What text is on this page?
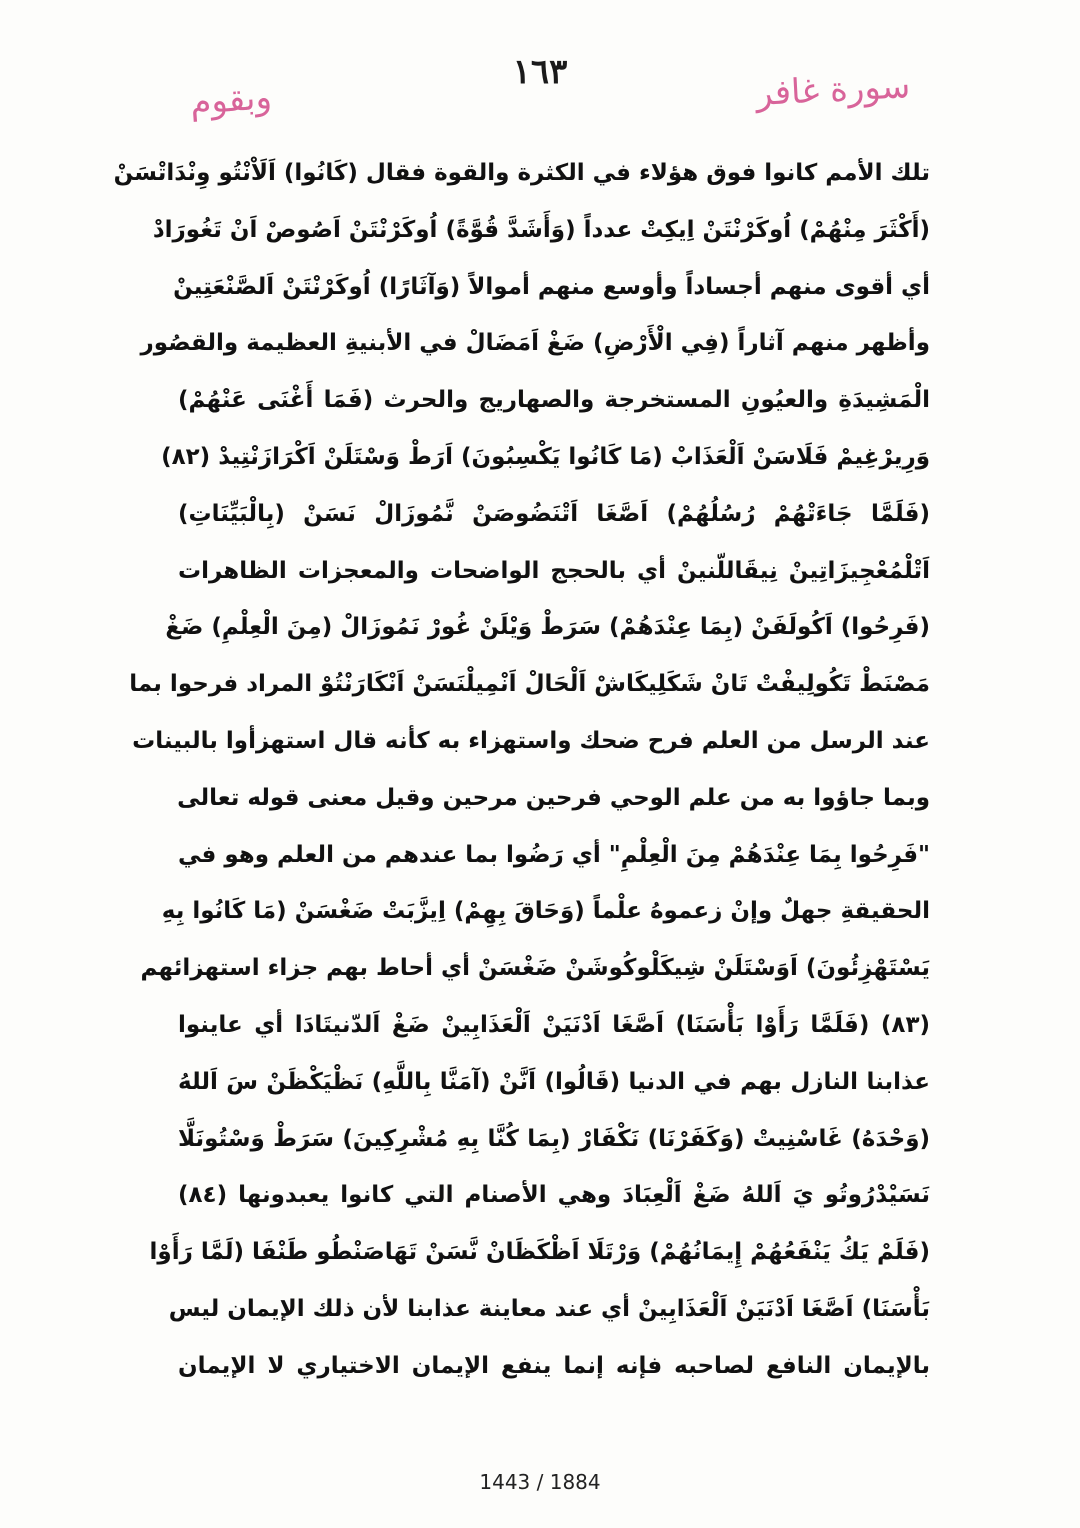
١٦٣	سورة غافر
وبقوم
تلك الأمم كانوا فوق هؤلاء في الكثرة والقوة فقال (كَانُوا) اَلَاْنْتُو وِنْدَاتْسَنْ
(أَكْثَرَ مِنْهُمْ) اُوكَرْنْتَنْ اِيكِتْ عدداً (وَأَشَدَّ قُوَّةً) اُوكَرْنْتَنْ اَصُوصْ اَنْ تَغُورَادْ
أي أقوى منهم أجساداً وأوسع منهم أموالاً (وَآثَارًا) اُوكَرْنْتَنْ اَلصَّنْعَتِينْ
وأظهر منهم آثاراً (فِي الْأَرْضِ) ضَغْ اَمَضَالْ في الأبنيةِ العظيمة والقصُور
الْمَشِيدَةِ والعيُونِ المستخرجة والصهاريج والحرث (فَمَا أَغْنَى عَنْهُمْ)
وَرِيرْغِيمْ فَلَاسَنْ اَلْعَذَابْ (مَا كَانُوا يَكْسِبُونَ) اَرَطْ وَسْتَلَنْ اَكْرَازَنْتِيدْ (٨٢)
(فَلَمَّا جَاءَتْهُمْ رُسُلُهُمْ) اَصَّغَا اَتْنَضُوصَنْ نَّمُوزَالْ نَسَنْ (بِالْبَيِّنَاتِ)
اَتْلْمُعْجِيزَاتِينْ نِيقَاللّنينْ أي بالحجج الواضحات والمعجزات الظاهرات
(فَرِحُوا) اَكُولَفَنْ (بِمَا عِنْدَهُمْ) سَرَطْ وَيْلَنْ غُورْ نَمُوزَالْ (مِنَ الْعِلْمِ) ضَغْ
مَصْنَطْ تَكُولِيفْتْ تَانْ شَكَلِيكَاشْ اَلْحَالْ اَنْمِيلْنَسَنْ اَنْكَارَنْتُوْ المراد فرحوا بما
عند الرسل من العلم فرح ضحك واستهزاء به كأنه قال استهزأوا بالبينات
وبما جاؤوا به من علم الوحي فرحين مرحين وقيل معنى قوله تعالى
"فَرِحُوا بِمَا عِنْدَهُمْ مِنَ الْعِلْمِ" أي رَضُوا بما عندهم من العلم وهو في
الحقيقةِ جهلٌ وإنْ زعموهُ علْماً (وَحَاقَ بِهِمْ) اِيزَّبَتْ ضَغْسَنْ (مَا كَانُوا بِهِ
يَسْتَهْزِئُونَ) اَوَسْتَلَنْ شِيكَلْوكُوشَنْ ضَغْسَنْ أي أحاط بهم جزاء استهزائهم
(٨٣) (فَلَمَّا رَأَوْا بَأْسَنَا) اَصَّغَا اَدْنَيَنْ اَلْعَذَابِينْ ضَغْ اَلدّنيتَادَا أي عاينوا
عذابنا النازل بهم في الدنيا (قَالُوا) اَنَّنْ (آمَنَّا بِاللَّهِ) نَظْيَكْظَنْ سَ اَللهُ
(وَحْدَهُ) غَاسْنِيتْ (وَكَفَرْنَا) نَكْفَارْ (بِمَا كُنَّا بِهِ مُشْرِكِينَ) سَرَطْ وَسْتُونَلَّا
نَسَيْدْرُوتُو يَ اَللهُ ضَغْ اَلْعِبَادَ وهي الأصنام التي كانوا يعبدونها (٨٤)
(فَلَمْ يَكُ يَنْفَعُهُمْ إِيمَانُهُمْ) وَرْتَلَا اَظْكَظَانْ نَّسَنْ تَهَاصَنْطُو طَنْفَا (لَمَّا رَأَوْا
بَأْسَنَا) اَصَّغَا اَدْنَيَنْ اَلْعَذَابِينْ أي عند معاينة عذابنا لأن ذلك الإيمان ليس
بالإيمان النافع لصاحبه فإنه إنما ينفع الإيمان الاختياري لا الإيمان
1443 / 1884
